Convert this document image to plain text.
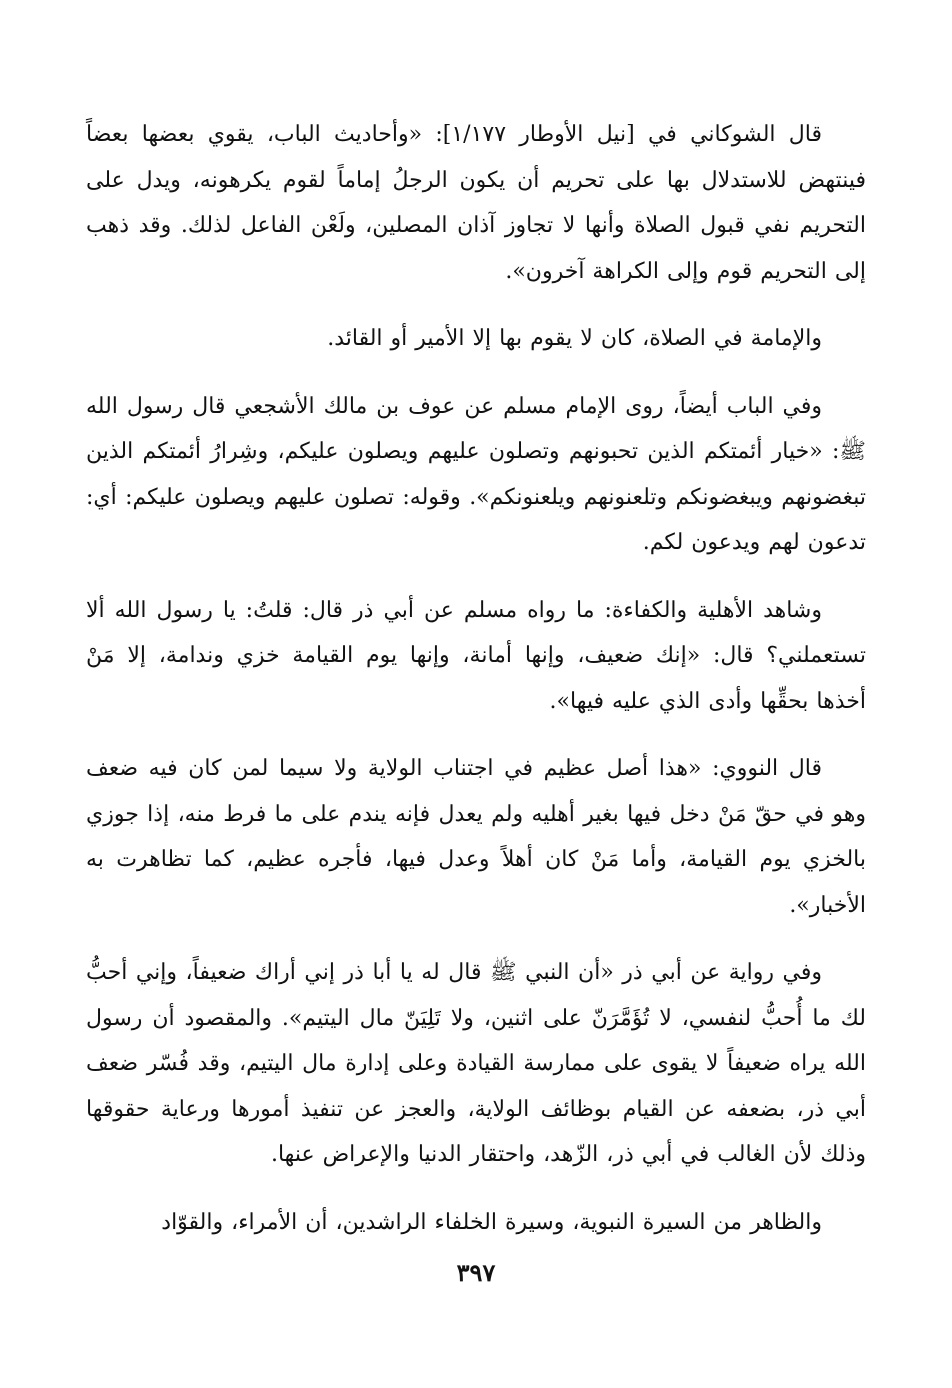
قال الشوكاني في [نيل الأوطار ١/١٧٧]: «وأحاديث الباب، يقوي بعضها بعضاً فينتهض للاستدلال بها على تحريم أن يكون الرجلُ إماماً لقوم يكرهونه، ويدل على التحريم نفي قبول الصلاة وأنها لا تجاوز آذان المصلين، ولَعْن الفاعل لذلك. وقد ذهب إلى التحريم قوم وإلى الكراهة آخرون».

والإمامة في الصلاة، كان لا يقوم بها إلا الأمير أو القائد.

وفي الباب أيضاً، روى الإمام مسلم عن عوف بن مالك الأشجعي قال رسول الله ﷺ: «خيار أئمتكم الذين تحبونهم وتصلون عليهم ويصلون عليكم، وشِرارُ أئمتكم الذين تبغضونهم ويبغضونكم وتلعنونهم ويلعنونكم». وقوله: تصلون عليهم ويصلون عليكم: أي: تدعون لهم ويدعون لكم.

وشاهد الأهلية والكفاءة: ما رواه مسلم عن أبي ذر قال: قلتُ: يا رسول الله ألا تستعملني؟ قال: «إنك ضعيف، وإنها أمانة، وإنها يوم القيامة خزي وندامة، إلا مَنْ أخذها بحقِّها وأدى الذي عليه فيها».

قال النووي: «هذا أصل عظيم في اجتناب الولاية ولا سيما لمن كان فيه ضعف وهو في حقّ مَنْ دخل فيها بغير أهليه ولم يعدل فإنه يندم على ما فرط منه، إذا جوزي بالخزي يوم القيامة، وأما مَنْ كان أهلاً وعدل فيها، فأجره عظيم، كما تظاهرت به الأخبار».

وفي رواية عن أبي ذر «أن النبي ﷺ قال له يا أبا ذر إني أراك ضعيفاً، وإني أحبُّ لك ما أُحبُّ لنفسي، لا تُؤَمَّرَنّ على اثنين، ولا تَلِيَنّ مال اليتيم». والمقصود أن رسول الله يراه ضعيفاً لا يقوى على ممارسة القيادة وعلى إدارة مال اليتيم، وقد فُسّر ضعف أبي ذر، بضعفه عن القيام بوظائف الولاية، والعجز عن تنفيذ أمورها ورعاية حقوقها وذلك لأن الغالب في أبي ذر، الزّهد، واحتقار الدنيا والإعراض عنها.

والظاهر من السيرة النبوية، وسيرة الخلفاء الراشدين، أن الأمراء، والقوّاد

٣٩٧
